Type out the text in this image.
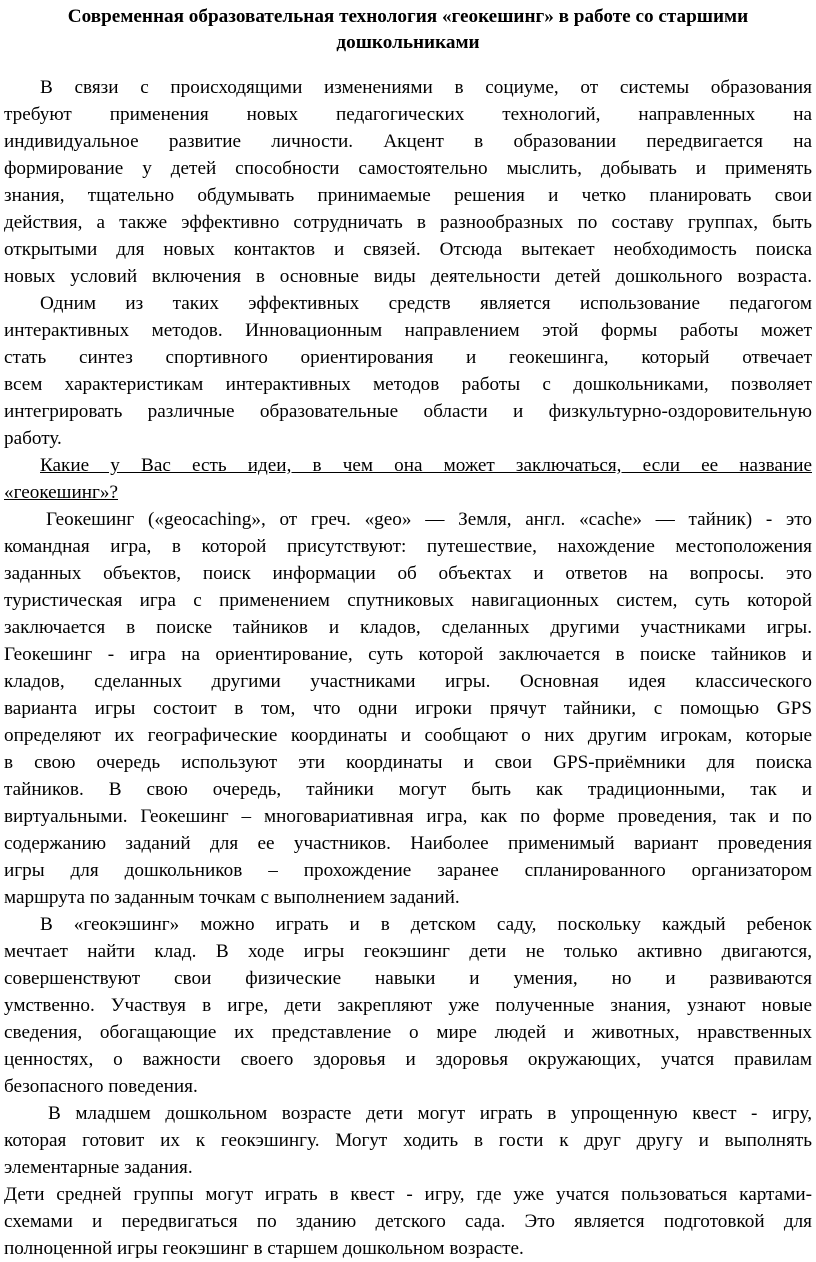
Современная образовательная технология «геокешинг» в работе со старшими
дошкольниками
В связи с происходящими изменениями в социуме, от системы образования
требуют применения новых педагогических технологий, направленных на
индивидуальное развитие личности. Акцент в образовании передвигается на
формирование у детей способности самостоятельно мыслить, добывать и применять
знания, тщательно обдумывать принимаемые решения и четко планировать свои
действия, а также эффективно сотрудничать в разнообразных по составу группах, быть
открытыми для новых контактов и связей. Отсюда вытекает необходимость поиска
новых условий включения в основные виды деятельности детей дошкольного возраста.
Одним из таких эффективных средств является использование педагогом
интерактивных методов. Инновационным направлением этой формы работы может
стать синтез спортивного ориентирования и геокешинга, который отвечает
всем характеристикам интерактивных методов работы с дошкольниками, позволяет
интегрировать различные образовательные области и физкультурно-оздоровительную
работу.
Какие у Вас есть идеи, в чем она может заключаться, если ее название
«геокешинг»?
Геокешинг («geocaching», от греч. «geo» — Земля, англ. «cache» — тайник) - это
командная игра, в которой присутствуют: путешествие, нахождение местоположения
заданных объектов, поиск информации об объектах и ответов на вопросы. это
туристическая игра с применением спутниковых навигационных систем, суть которой
заключается в поиске тайников и кладов, сделанных другими участниками игры.
Геокешинг - игра на ориентирование, суть которой заключается в поиске тайников и
кладов, сделанных другими участниками игры. Основная идея классического
варианта игры состоит в том, что одни игроки прячут тайники, с помощью GPS
определяют их географические координаты и сообщают о них другим игрокам, которые
в свою очередь используют эти координаты и свои GPS-приёмники для поиска
тайников. В свою очередь, тайники могут быть как традиционными, так и
виртуальными. Геокешинг – многовариативная игра, как по форме проведения, так и по
содержанию заданий для ее участников. Наиболее применимый вариант проведения
игры для дошкольников – прохождение заранее спланированного организатором
маршрута по заданным точкам с выполнением заданий.
В «геокэшинг» можно играть и в детском саду, поскольку каждый ребенок
мечтает найти клад. В ходе игры геокэшинг дети не только активно двигаются,
совершенствуют свои физические навыки и умения, но и развиваются
умственно. Участвуя в игре, дети закрепляют уже полученные знания, узнают новые
сведения, обогащающие их представление о мире людей и животных, нравственных
ценностях, о важности своего здоровья и здоровья окружающих, учатся правилам
безопасного поведения.
В младшем дошкольном возрасте дети могут играть в упрощенную квест - игру,
которая готовит их к геокэшингу. Могут ходить в гости к друг другу и выполнять
элементарные задания.
Дети средней группы могут играть в квест - игру, где уже учатся пользоваться картами-
схемами и передвигаться по зданию детского сада. Это является подготовкой для
полноценной игры геокэшинг в старшем дошкольном возрасте.
